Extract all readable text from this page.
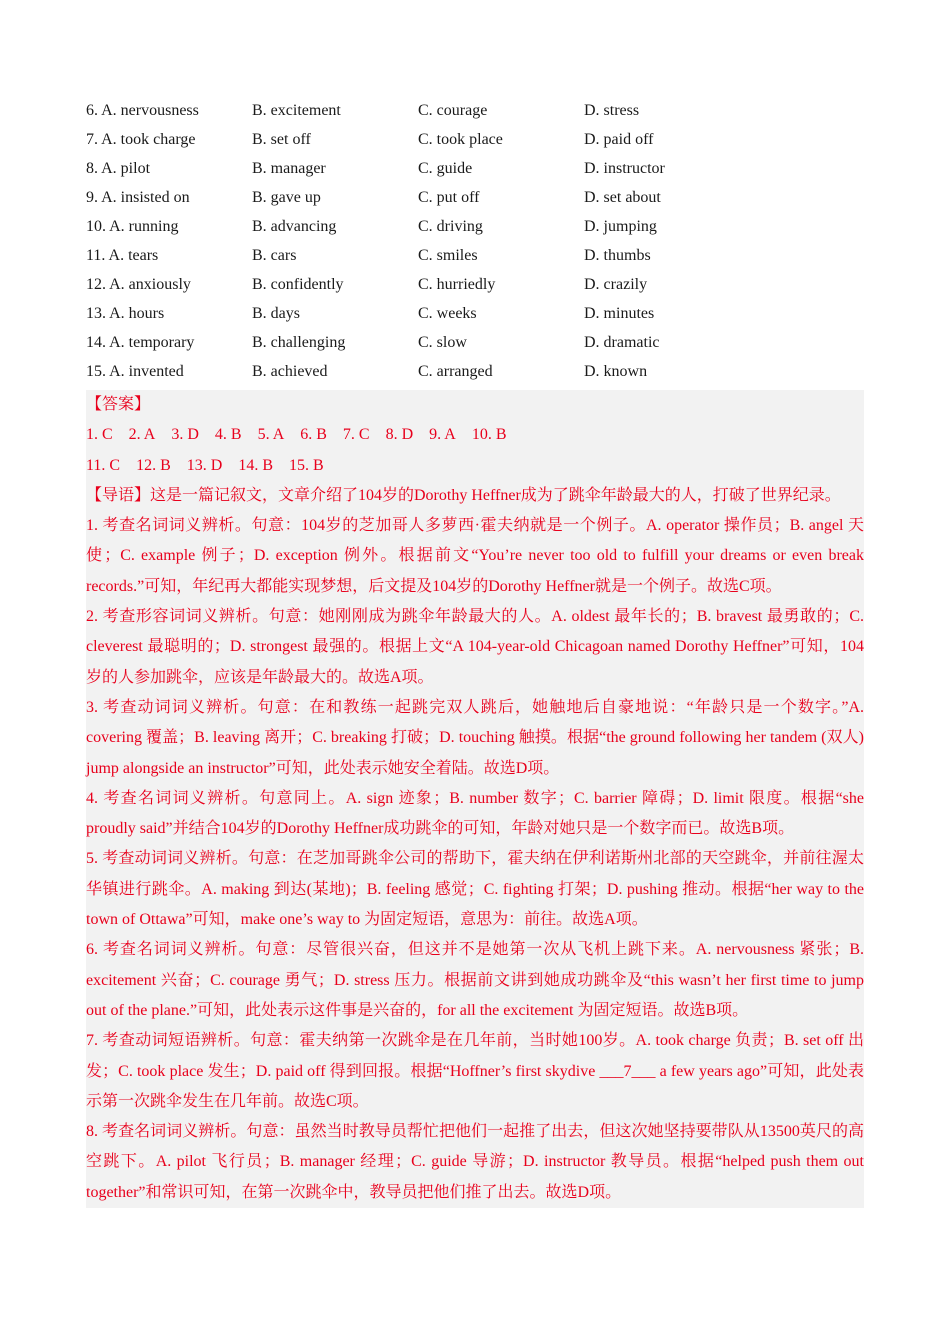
6. A. nervousness	B. excitement	C. courage	D. stress
7. A. took charge	B. set off	C. took place	D. paid off
8. A. pilot	B. manager	C. guide	D. instructor
9. A. insisted on	B. gave up	C. put off	D. set about
10. A. running	B. advancing	C. driving	D. jumping
11. A. tears	B. cars	C. smiles	D. thumbs
12. A. anxiously	B. confidently	C. hurriedly	D. crazily
13. A. hours	B. days	C. weeks	D. minutes
14. A. temporary	B. challenging	C. slow	D. dramatic
15. A. invented	B. achieved	C. arranged	D. known

【答案】

1. C 2. A 3. D 4. B 5. A 6. B 7. C 8. D 9. A 10. B
11. C 12. B 13. D 14. B 15. B

【导语】这是一篇记叙文，文章介绍了104岁的Dorothy Heffner成为了跳伞年龄最大的人，打破了世界纪录。

1. 考查名词词义辨析。句意：104岁的芝加哥人多萝西·霍夫纳就是一个例子。A. operator 操作员；B. angel 天使；C. example 例子；D. exception 例外。根据前文“You’re never too old to fulfill your dreams or even break records.”可知，年纪再大都能实现梦想，后文提及104岁的Dorothy Heffner就是一个例子。故选C项。

2. 考查形容词词义辨析。句意：她刚刚成为跳伞年龄最大的人。A. oldest 最年长的；B. bravest 最勇敢的；C. cleverest 最聪明的；D. strongest 最强的。根据上文“A 104-year-old Chicagoan named Dorothy Heffner”可知，104岁的人参加跳伞，应该是年龄最大的。故选A项。

3. 考查动词词义辨析。句意：在和教练一起跳完双人跳后，她触地后自豪地说：“年龄只是一个数字。”A. covering 覆盖；B. leaving 离开；C. breaking 打破；D. touching 触摸。根据“the ground following her tandem (双人) jump alongside an instructor”可知，此处表示她安全着陆。故选D项。

4. 考查名词词义辨析。句意同上。A. sign 迹象；B. number 数字；C. barrier 障碍；D. limit 限度。根据“she proudly said”并结合104岁的Dorothy Heffner成功跳伞的可知，年龄对她只是一个数字而已。故选B项。

5. 考查动词词义辨析。句意：在芝加哥跳伞公司的帮助下，霍夫纳在伊利诺斯州北部的天空跳伞，并前往渥太华镇进行跳伞。A. making 到达(某地)；B. feeling 感觉；C. fighting 打架；D. pushing 推动。根据“her way to the town of Ottawa”可知，make one’s way to 为固定短语，意思为：前往。故选A项。

6. 考查名词词义辨析。句意：尽管很兴奋，但这并不是她第一次从飞机上跳下来。A. nervousness 紧张；B. excitement 兴奋；C. courage 勇气；D. stress 压力。根据前文讲到她成功跳伞及“this wasn’t her first time to jump out of the plane.”可知，此处表示这件事是兴奋的，for all the excitement 为固定短语。故选B项。

7. 考查动词短语辨析。句意：霍夫纳第一次跳伞是在几年前，当时她100岁。A. took charge 负责；B. set off 出发；C. took place 发生；D. paid off 得到回报。根据“Hoffner’s first skydive ___7___ a few years ago”可知，此处表示第一次跳伞发生在几年前。故选C项。

8. 考查名词词义辨析。句意：虽然当时教导员帮忙把他们一起推了出去，但这次她坚持要带队从13500英尺的高空跳下。A. pilot 飞行员；B. manager 经理；C. guide 导游；D. instructor 教导员。根据“helped push them out together”和常识可知，在第一次跳伞中，教导员把他们推了出去。故选D项。
